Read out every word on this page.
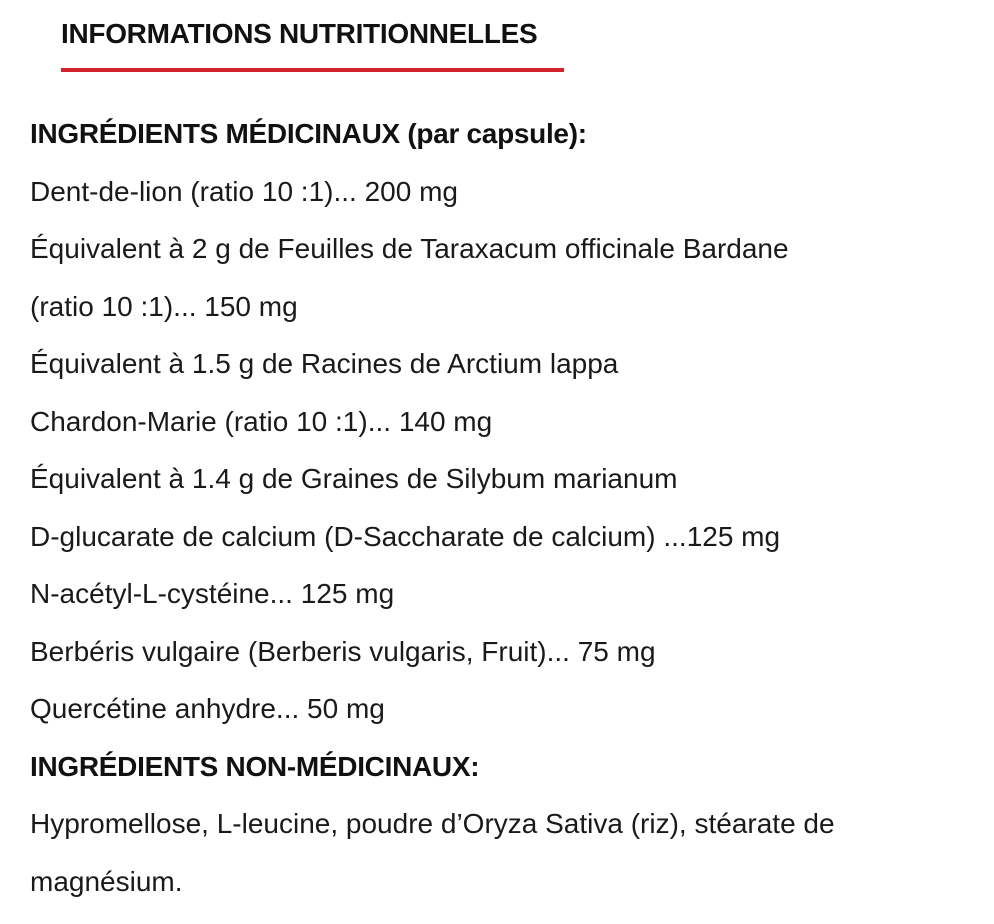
INFORMATIONS NUTRITIONNELLES
INGRÉDIENTS MÉDICINAUX (par capsule):
Dent-de-lion (ratio 10 :1)... 200 mg
Équivalent à 2 g de Feuilles de Taraxacum officinale Bardane
(ratio 10 :1)... 150 mg
Équivalent à 1.5 g de Racines de Arctium lappa
Chardon-Marie (ratio 10 :1)... 140 mg
Équivalent à 1.4 g de Graines de Silybum marianum
D-glucarate de calcium (D-Saccharate de calcium) ...125 mg
N-acétyl-L-cystéine... 125 mg
Berbéris vulgaire (Berberis vulgaris, Fruit)... 75 mg
Quercétine anhydre... 50 mg
INGRÉDIENTS NON-MÉDICINAUX:
Hypromellose, L-leucine, poudre d’Oryza Sativa (riz), stéarate de magnésium.
